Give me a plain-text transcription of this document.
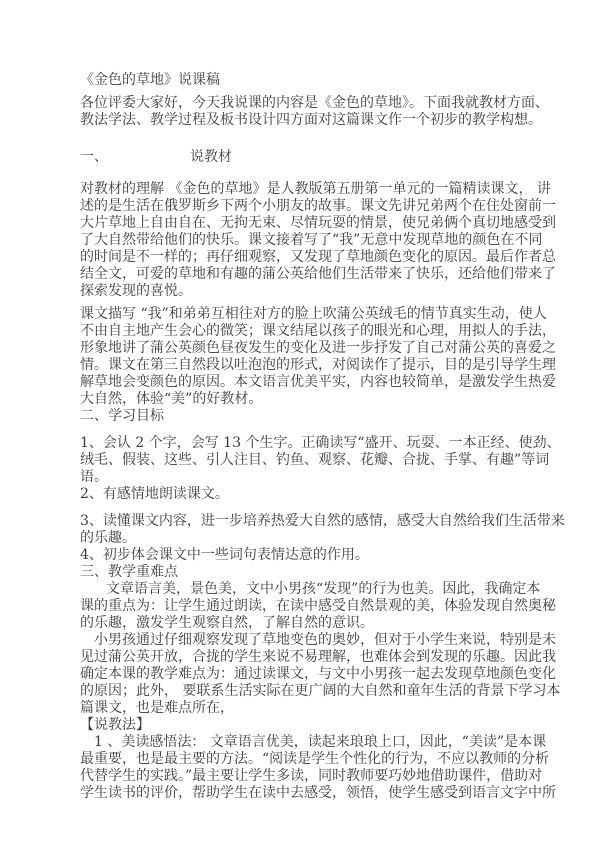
《金色的草地》说课稿
各位评委大家好，今天我说课的内容是《金色的草地》。下面我就教材方面、
教法学法、教学过程及板书设计四方面对这篇课文作一个初步的教学构想。
一、	说教材
对教材的理解 《金色的草地》是人教版第五册第一单元的一篇精读课文， 讲
述的是生活在俄罗斯乡下两个小朋友的故事。课文先讲兄弟两个在住处窗前一
大片草地上自由自在、无拘无束、尽情玩耍的情景，使兄弟俩个真切地感受到
了大自然带给他们的快乐。课文接着写了“我”无意中发现草地的颜色在不同
的时间是不一样的；再仔细观察，又发现了草地颜色变化的原因。最后作者总
结全文，可爱的草地和有趣的蒲公英给他们生活带来了快乐，还给他们带来了
探索发现的喜悦。
课文描写 “我”和弟弟互相往对方的脸上吹蒲公英绒毛的情节真实生动，使人
不由自主地产生会心的微笑；课文结尾以孩子的眼光和心理，用拟人的手法，
形象地讲了蒲公英颜色昼夜发生的变化及进一步抒发了自己对蒲公英的喜爱之
情。课文在第三自然段以吐泡泡的形式，对阅读作了提示，目的是引导学生理
解草地会变颜色的原因。本文语言优美平实，内容也较简单，是激发学生热爱
大自然，体验“美”的好教材。
二、学习目标
1、会认 2 个字，会写 13 个生字。正确读写“盛开、玩耍、一本正经、使劲、
绒毛、假装、这些、引人注目、钓鱼、观察、花瓣、合拢、手掌、有趣”等词
语。
2、有感情地朗读课文。
3、读懂课文内容，进一步培养热爱大自然的感情，感受大自然给我们生活带来
的乐趣。
4、初步体会课文中一些词句表情达意的作用。
三、教学重难点
文章语言美，景色美，文中小男孩“发现”的行为也美。因此，我确定本
课的重点为：让学生通过朗读，在读中感受自然景观的美，体验发现自然奥秘
的乐趣，激发学生观察自然，了解自然的意识。
小男孩通过仔细观察发现了草地变色的奥妙，但对于小学生来说，特别是未
见过蒲公英开放，合拢的学生来说不易理解，也难体会到发现的乐趣。因此我
确定本课的教学难点为：通过读课文，与文中小男孩一起去发现草地颜色变化
的原因；此外， 要联系生活实际在更广阔的大自然和童年生活的背景下学习本
篇课文，也是难点所在，
【说教法】
1 、美读感悟法： 文章语言优美，读起来琅琅上口，因此，“美读”是本课
最重要，也是最主要的方法。“阅读是学生个性化的行为，不应以教师的分析
代替学生的实践。”最主要让学生多读，同时教师要巧妙地借助课件，借助对
学生读书的评价，帮助学生在读中去感受，领悟，使学生感受到语言文字中所
